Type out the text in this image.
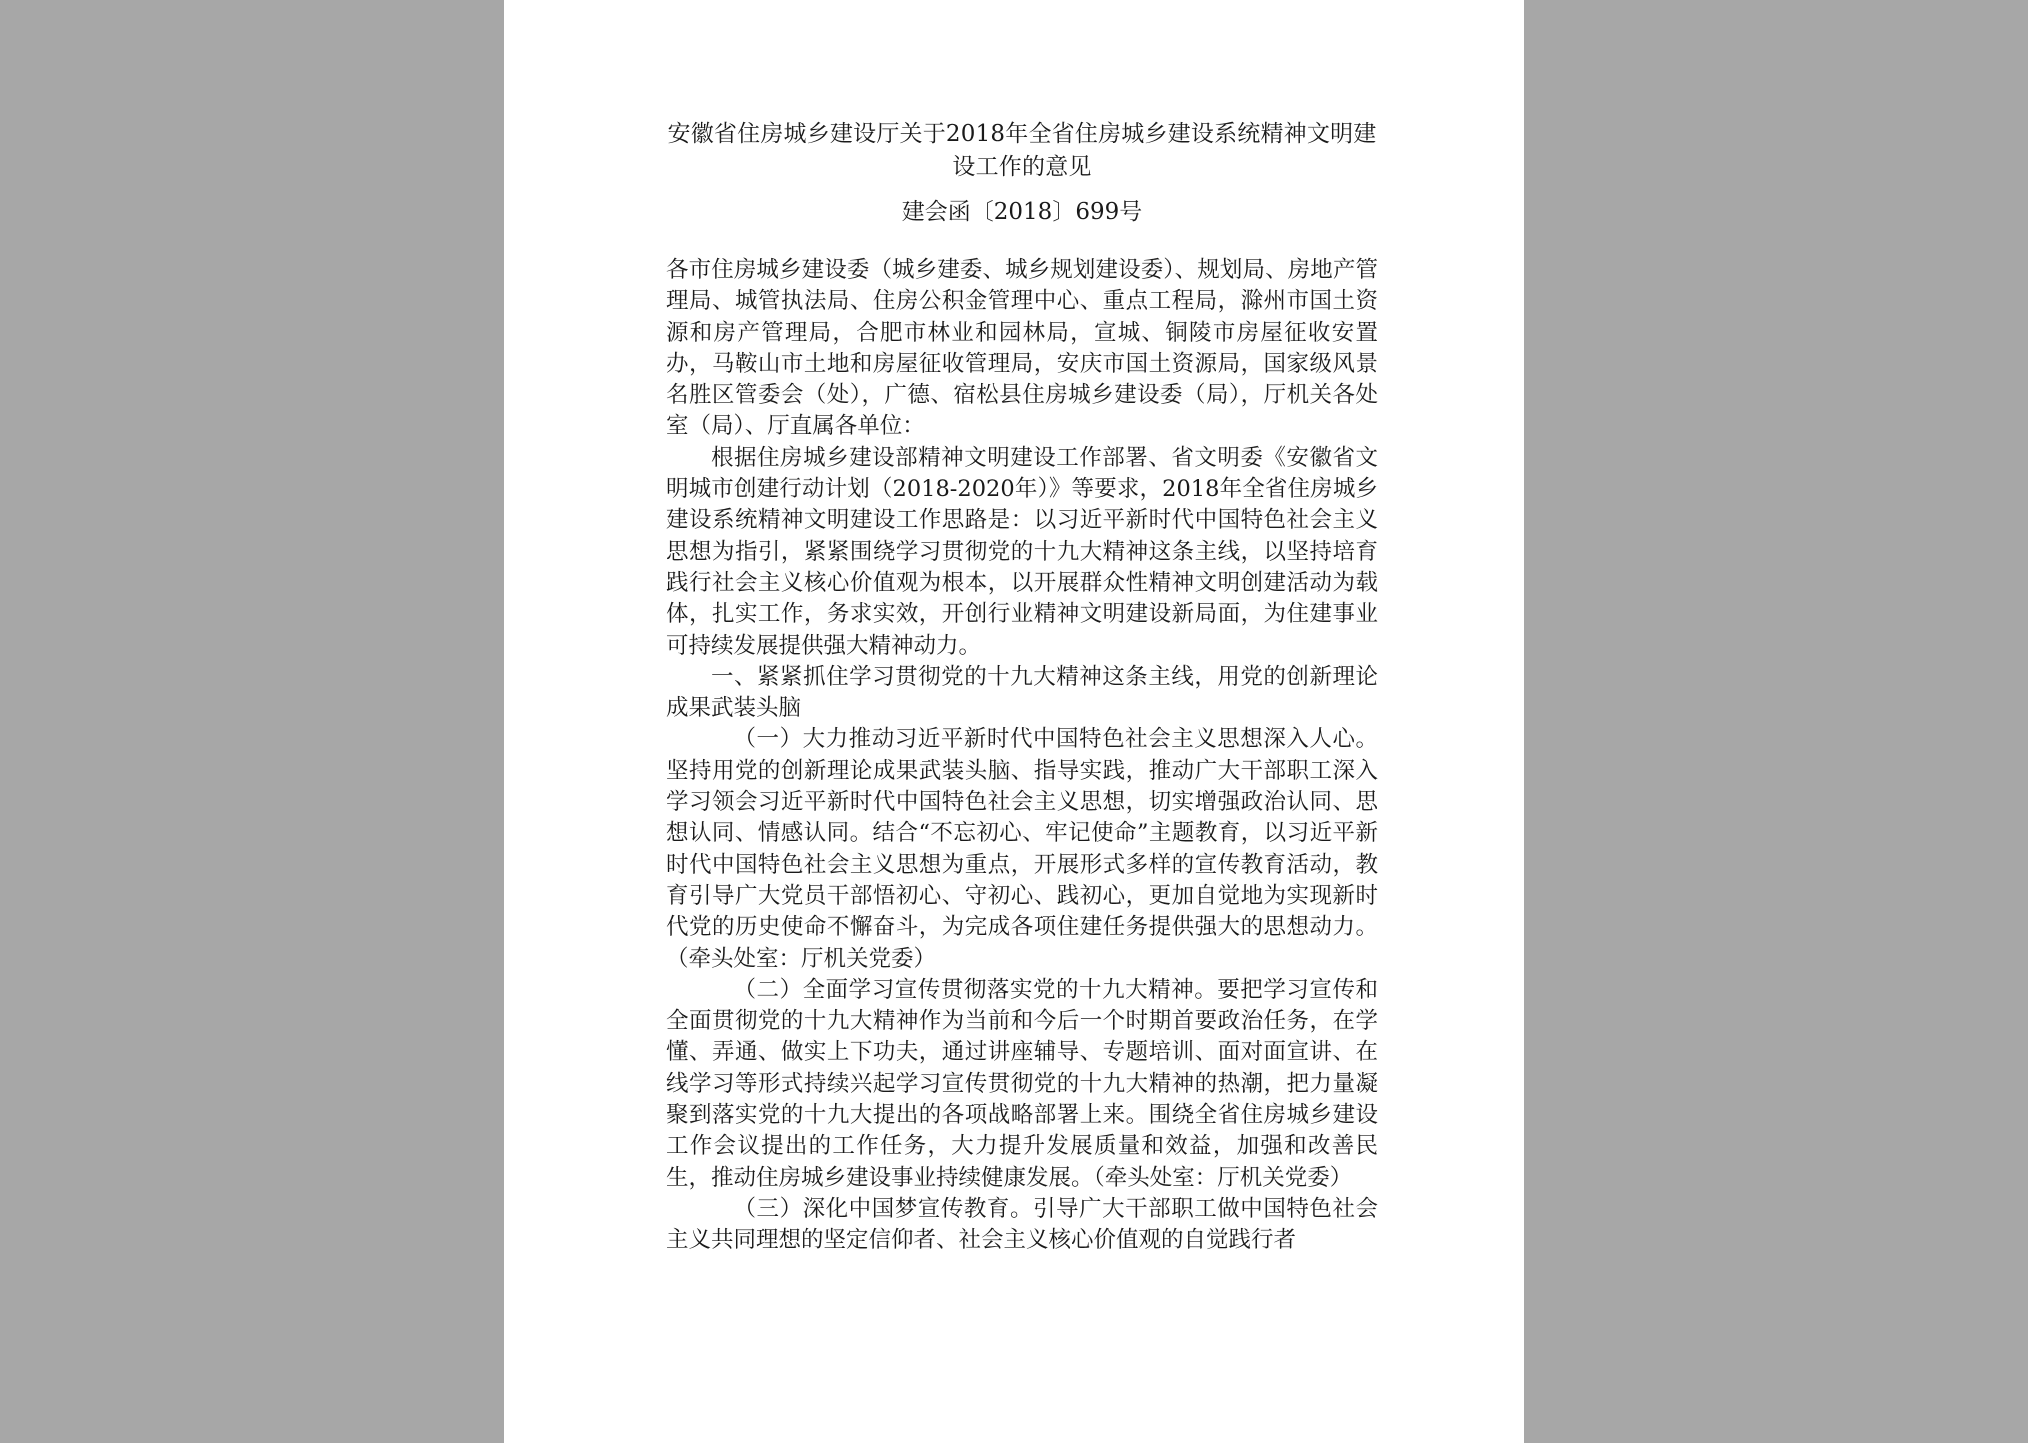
安徽省住房城乡建设厅关于2018年全省住房城乡建设系统精神文明建设工作的意见
建会函〔2018〕699号

各市住房城乡建设委（城乡建委、城乡规划建设委）、规划局、房地产管理局、城管执法局、住房公积金管理中心、重点工程局，滁州市国土资源和房产管理局，合肥市林业和园林局，宣城、铜陵市房屋征收安置办，马鞍山市土地和房屋征收管理局，安庆市国土资源局，国家级风景名胜区管委会（处），广德、宿松县住房城乡建设委（局），厅机关各处室（局）、厅直属各单位：

根据住房城乡建设部精神文明建设工作部署、省文明委《安徽省文明城市创建行动计划（2018-2020年）》等要求，2018年全省住房城乡建设系统精神文明建设工作思路是：以习近平新时代中国特色社会主义思想为指引，紧紧围绕学习贯彻党的十九大精神这条主线，以坚持培育践行社会主义核心价值观为根本，以开展群众性精神文明创建活动为载体，扎实工作，务求实效，开创行业精神文明建设新局面，为住建事业可持续发展提供强大精神动力。

一、紧紧抓住学习贯彻党的十九大精神这条主线，用党的创新理论成果武装头脑

（一）大力推动习近平新时代中国特色社会主义思想深入人心。坚持用党的创新理论成果武装头脑、指导实践，推动广大干部职工深入学习领会习近平新时代中国特色社会主义思想，切实增强政治认同、思想认同、情感认同。结合“不忘初心、牢记使命”主题教育，以习近平新时代中国特色社会主义思想为重点，开展形式多样的宣传教育活动，教育引导广大党员干部悟初心、守初心、践初心，更加自觉地为实现新时代党的历史使命不懈奋斗，为完成各项住建任务提供强大的思想动力。（牵头处室：厅机关党委）

（二）全面学习宣传贯彻落实党的十九大精神。要把学习宣传和全面贯彻党的十九大精神作为当前和今后一个时期首要政治任务，在学懂、弄通、做实上下功夫，通过讲座辅导、专题培训、面对面宣讲、在线学习等形式持续兴起学习宣传贯彻党的十九大精神的热潮，把力量凝聚到落实党的十九大提出的各项战略部署上来。围绕全省住房城乡建设工作会议提出的工作任务，大力提升发展质量和效益，加强和改善民生，推动住房城乡建设事业持续健康发展。（牵头处室：厅机关党委）

（三）深化中国梦宣传教育。引导广大干部职工做中国特色社会主义共同理想的坚定信仰者、社会主义核心价值观的自觉践行者
